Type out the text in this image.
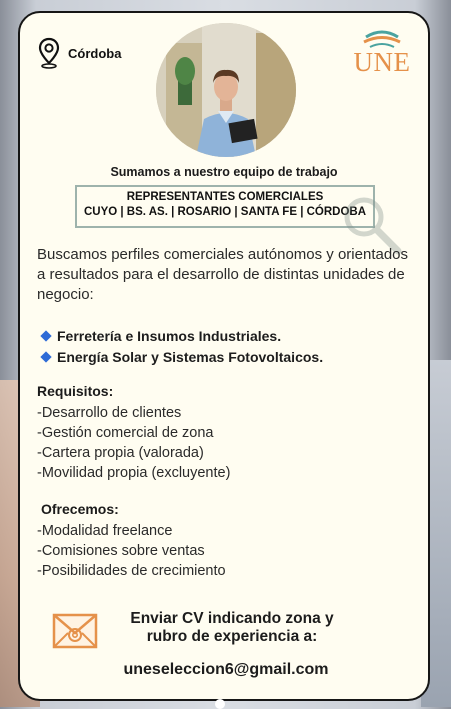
Córdoba	UNE
Sumamos a nuestro equipo de trabajo
REPRESENTANTES COMERCIALES
CUYO | BS. AS. | ROSARIO | SANTA FE | CÓRDOBA
Buscamos perfiles comerciales autónomos y orientados a resultados para el desarrollo de distintas unidades de negocio:
Ferretería e Insumos Industriales.
Energía Solar y Sistemas Fotovoltaicos.
Requisitos:
-Desarrollo de clientes
-Gestión comercial de zona
-Cartera propia (valorada)
-Movilidad propia (excluyente)
Ofrecemos:
-Modalidad freelance
-Comisiones sobre ventas
-Posibilidades de crecimiento
Enviar CV indicando zona y rubro de experiencia a:
uneseleccion6@gmail.com
